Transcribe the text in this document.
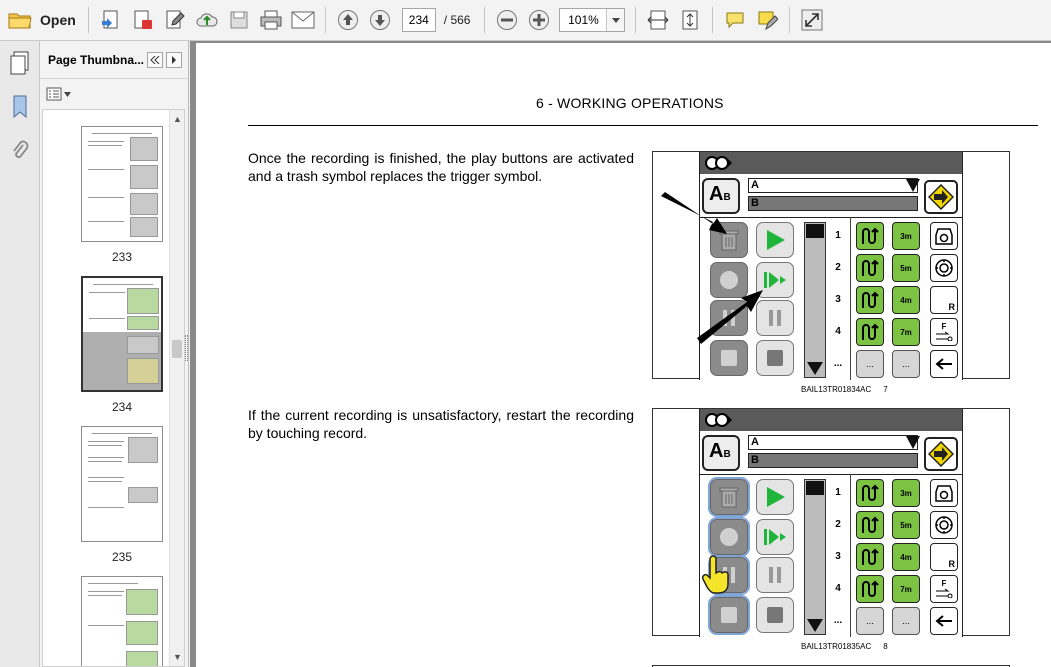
Open
234	/ 566	101%
Page Thumbna...
233
234
235
▲
▼
6 - WORKING OPERATIONS
Once the recording is finished, the play buttons are activated and a trash symbol replaces the trigger symbol.
If the current recording is unsatisfactory, restart the recording by touching record.
AB
A
B
1
2
3
4
...	...
3m
5m
4m
7m
...
R
F
BAIL13TR01834AC 7
AB
A
B
1
2
3
4
...	...
3m
5m
4m
7m
...
R
F
BAIL13TR01835AC 8
